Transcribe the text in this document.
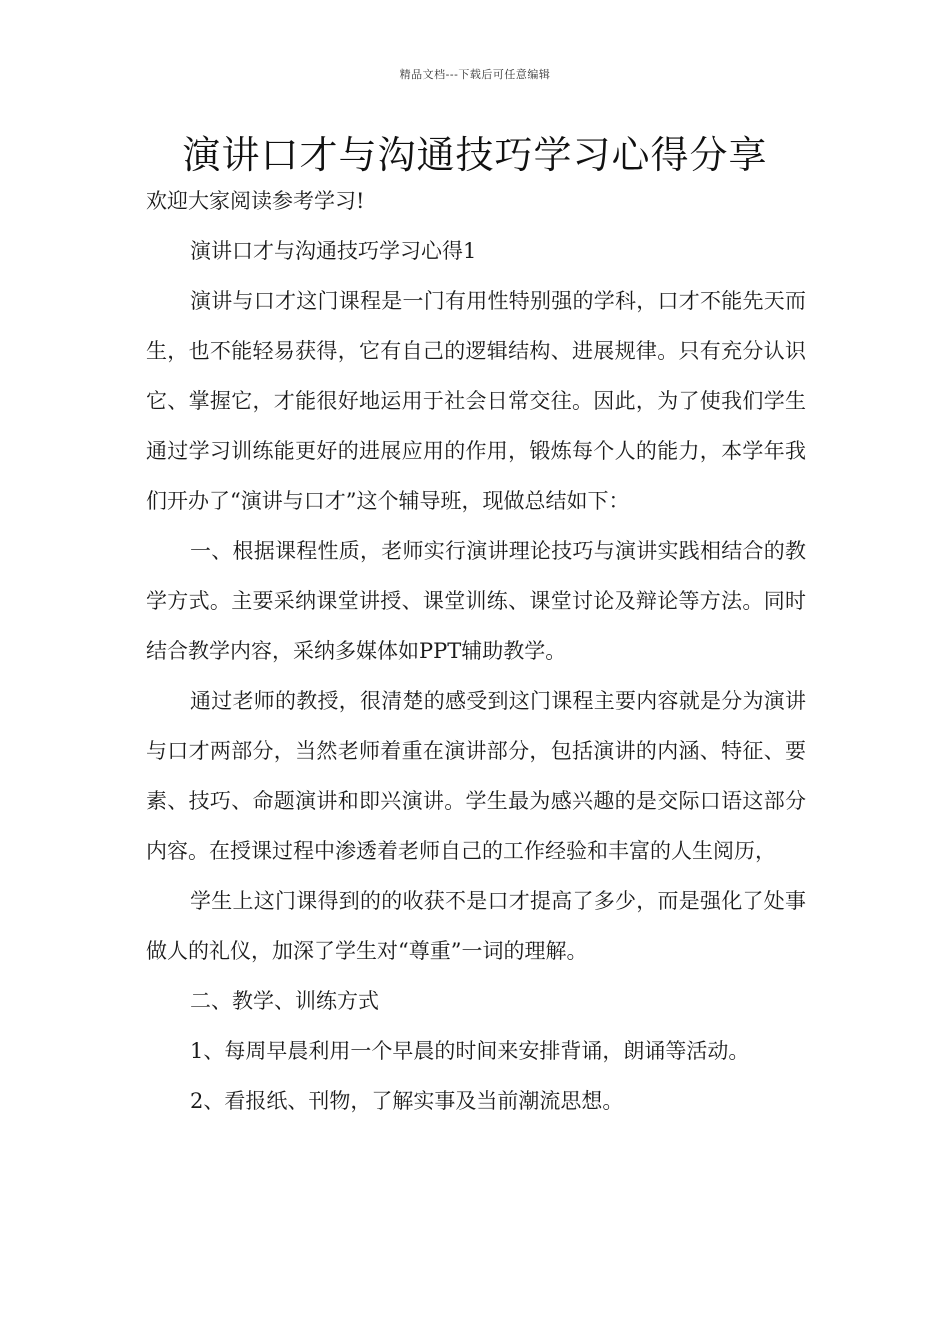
精品文档---下载后可任意编辑
演讲口才与沟通技巧学习心得分享

欢迎大家阅读参考学习!

演讲口才与沟通技巧学习心得1

演讲与口才这门课程是一门有用性特别强的学科，口才不能先天而生，也不能轻易获得，它有自己的逻辑结构、进展规律。只有充分认识它、掌握它，才能很好地运用于社会日常交往。因此，为了使我们学生通过学习训练能更好的进展应用的作用，锻炼每个人的能力，本学年我们开办了“演讲与口才”这个辅导班，现做总结如下：

一、根据课程性质，老师实行演讲理论技巧与演讲实践相结合的教学方式。主要采纳课堂讲授、课堂训练、课堂讨论及辩论等方法。同时结合教学内容，采纳多媒体如PPT辅助教学。

通过老师的教授，很清楚的感受到这门课程主要内容就是分为演讲与口才两部分，当然老师着重在演讲部分，包括演讲的内涵、特征、要素、技巧、命题演讲和即兴演讲。学生最为感兴趣的是交际口语这部分内容。在授课过程中渗透着老师自己的工作经验和丰富的人生阅历，

学生上这门课得到的的收获不是口才提高了多少，而是强化了处事做人的礼仪，加深了学生对“尊重”一词的理解。

二、教学、训练方式

1、每周早晨利用一个早晨的时间来安排背诵，朗诵等活动。

2、看报纸、刊物，了解实事及当前潮流思想。
